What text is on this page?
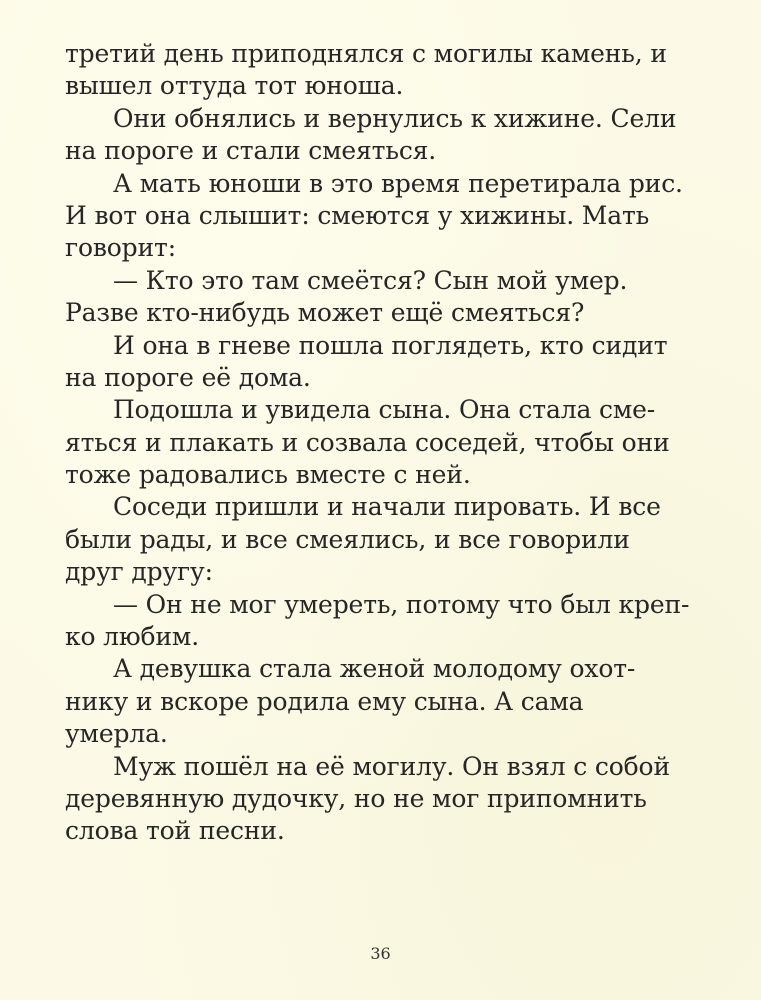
третий день приподнялся с могилы камень, и
вышел оттуда тот юноша.
Они обнялись и вернулись к хижине. Сели
на пороге и стали смеяться.
А мать юноши в это время перетирала рис.
И вот она слышит: смеются у хижины. Мать
говорит:
— Кто это там смеётся? Сын мой умер.
Разве кто-нибудь может ещё смеяться?
И она в гневе пошла поглядеть, кто сидит
на пороге её дома.
Подошла и увидела сына. Она стала сме-
яться и плакать и созвала соседей, чтобы они
тоже радовались вместе с ней.
Соседи пришли и начали пировать. И все
были рады, и все смеялись, и все говорили
друг другу:
— Он не мог умереть, потому что был креп-
ко любим.
А девушка стала женой молодому охот-
нику и вскоре родила ему сына. А сама
умерла.
Муж пошёл на её могилу. Он взял с собой
деревянную дудочку, но не мог припомнить
слова той песни.
36
